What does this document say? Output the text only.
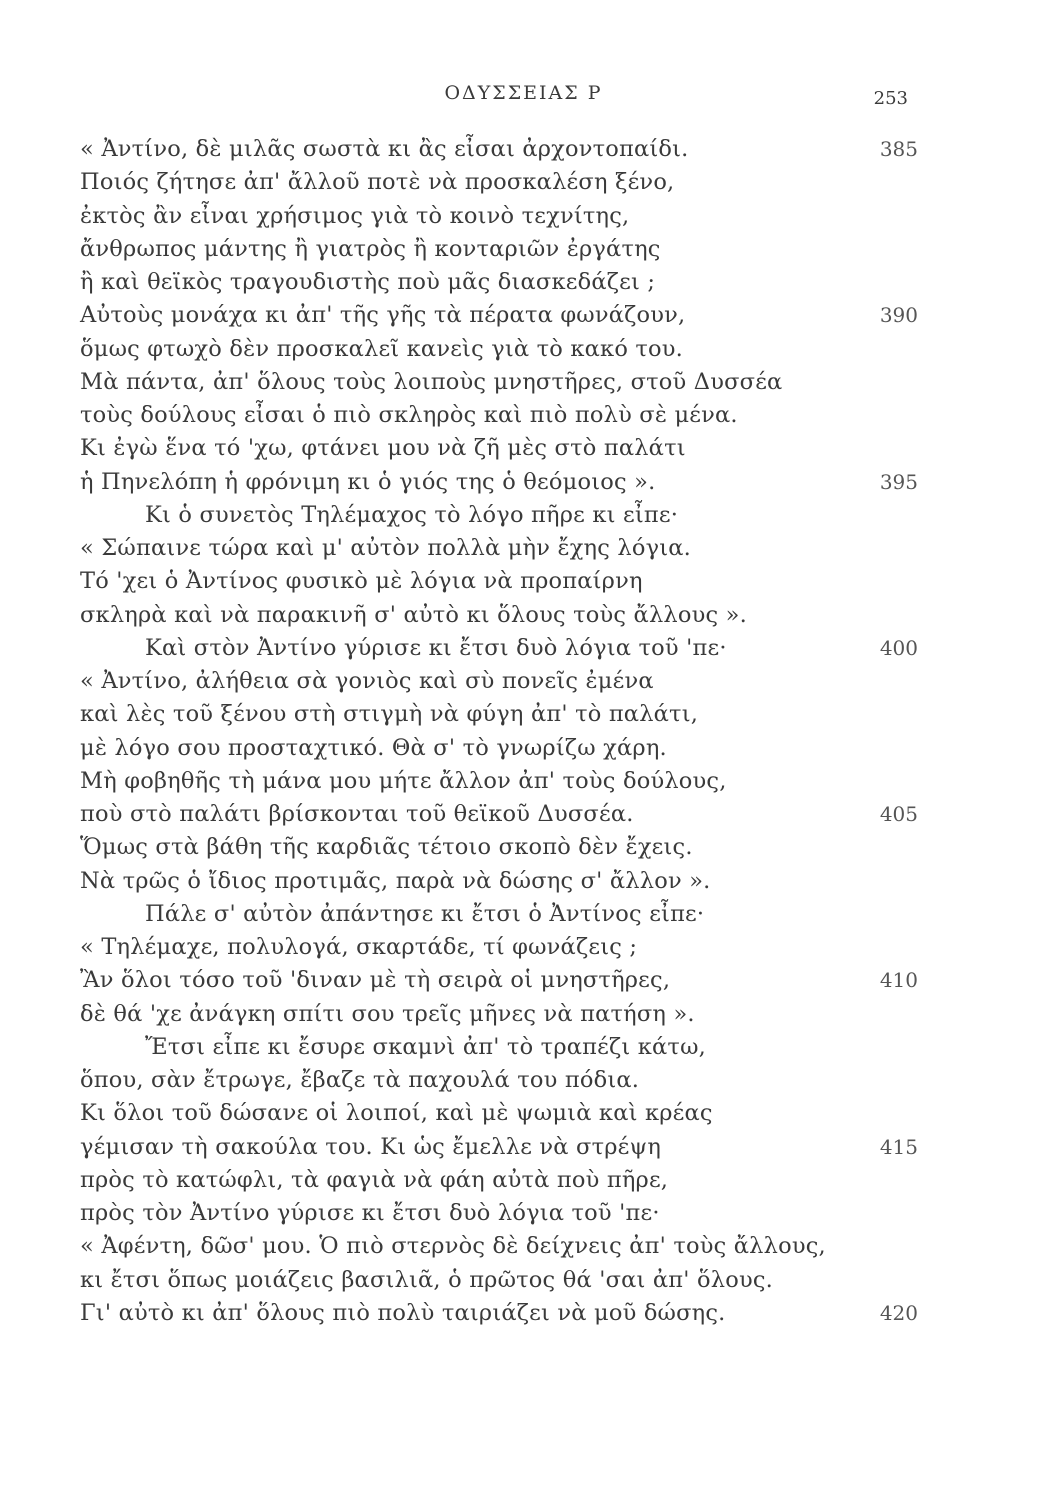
ΟΔΥΣΣΕΙΑΣ Ρ	253
« Ἀντίνο, δὲ μιλᾶς σωστὰ κι ἂς εἶσαι ἀρχοντοπαίδι.	385
Ποιός ζήτησε ἀπ' ἄλλοῦ ποτὲ νὰ προσκαλέση ξένο,
ἐκτὸς ἂν εἶναι χρήσιμος γιὰ τὸ κοινὸ τεχνίτης,
ἄνθρωπος μάντης ἢ γιατρὸς ἢ κονταριῶν ἐργάτης
ἢ καὶ θεϊκὸς τραγουδιστὴς ποὺ μᾶς διασκεδάζει ;
Αὐτοὺς μονάχα κι ἀπ' τῆς γῆς τὰ πέρατα φωνάζουν,	390
ὅμως φτωχὸ δὲν προσκαλεῖ κανεὶς γιὰ τὸ κακό του.
Μὰ πάντα, ἀπ' ὅλους τοὺς λοιποὺς μνηστῆρες, στοῦ Δυσσέα
τοὺς δούλους εἶσαι ὁ πιὸ σκληρὸς καὶ πιὸ πολὺ σὲ μένα.
Κι ἐγὼ ἕνα τό 'χω, φτάνει μου νὰ ζῆ μὲς στὸ παλάτι
ἡ Πηνελόπη ἡ φρόνιμη κι ὁ γιός της ὁ θεόμοιος ».	395
Κι ὁ συνετὸς Τηλέμαχος τὸ λόγο πῆρε κι εἶπε·
« Σώπαινε τώρα καὶ μ' αὐτὸν πολλὰ μὴν ἔχης λόγια.
Τό 'χει ὁ Ἀντίνος φυσικὸ μὲ λόγια νὰ προπαίρνη
σκληρὰ καὶ νὰ παρακινῆ σ' αὐτὸ κι ὅλους τοὺς ἄλλους ».
Καὶ στὸν Ἀντίνο γύρισε κι ἔτσι δυὸ λόγια τοῦ 'πε·	400
« Ἀντίνο, ἀλήθεια σὰ γονιὸς καὶ σὺ πονεῖς ἐμένα
καὶ λὲς τοῦ ξένου στὴ στιγμὴ νὰ φύγη ἀπ' τὸ παλάτι,
μὲ λόγο σου προσταχτικό. Θὰ σ' τὸ γνωρίζω χάρη.
Μὴ φοβηθῆς τὴ μάνα μου μήτε ἄλλον ἀπ' τοὺς δούλους,
ποὺ στὸ παλάτι βρίσκονται τοῦ θεϊκοῦ Δυσσέα.	405
Ὅμως στὰ βάθη τῆς καρδιᾶς τέτοιο σκοπὸ δὲν ἔχεις.
Νὰ τρῶς ὁ ἴδιος προτιμᾶς, παρὰ νὰ δώσης σ' ἄλλον ».
Πάλε σ' αὐτὸν ἀπάντησε κι ἔτσι ὁ Ἀντίνος εἶπε·
« Τηλέμαχε, πολυλογά, σκαρτάδε, τί φωνάζεις ;
Ἂν ὅλοι τόσο τοῦ 'διναν μὲ τὴ σειρὰ οἱ μνηστῆρες,	410
δὲ θά 'χε ἀνάγκη σπίτι σου τρεῖς μῆνες νὰ πατήση ».
Ἔτσι εἶπε κι ἔσυρε σκαμνὶ ἀπ' τὸ τραπέζι κάτω,
ὅπου, σὰν ἔτρωγε, ἔβαζε τὰ παχουλά του πόδια.
Κι ὅλοι τοῦ δώσανε οἱ λοιποί, καὶ μὲ ψωμιὰ καὶ κρέας
γέμισαν τὴ σακούλα του. Κι ὡς ἔμελλε νὰ στρέψη	415
πρὸς τὸ κατώφλι, τὰ φαγιὰ νὰ φάη αὐτὰ ποὺ πῆρε,
πρὸς τὸν Ἀντίνο γύρισε κι ἔτσι δυὸ λόγια τοῦ 'πε·
« Ἀφέντη, δῶσ' μου. Ὁ πιὸ στερνὸς δὲ δείχνεις ἀπ' τοὺς ἄλλους,
κι ἔτσι ὅπως μοιάζεις βασιλιᾶ, ὁ πρῶτος θά 'σαι ἀπ' ὅλους.
Γι' αὐτὸ κι ἀπ' ὅλους πιὸ πολὺ ταιριάζει νὰ μοῦ δώσης.	420
